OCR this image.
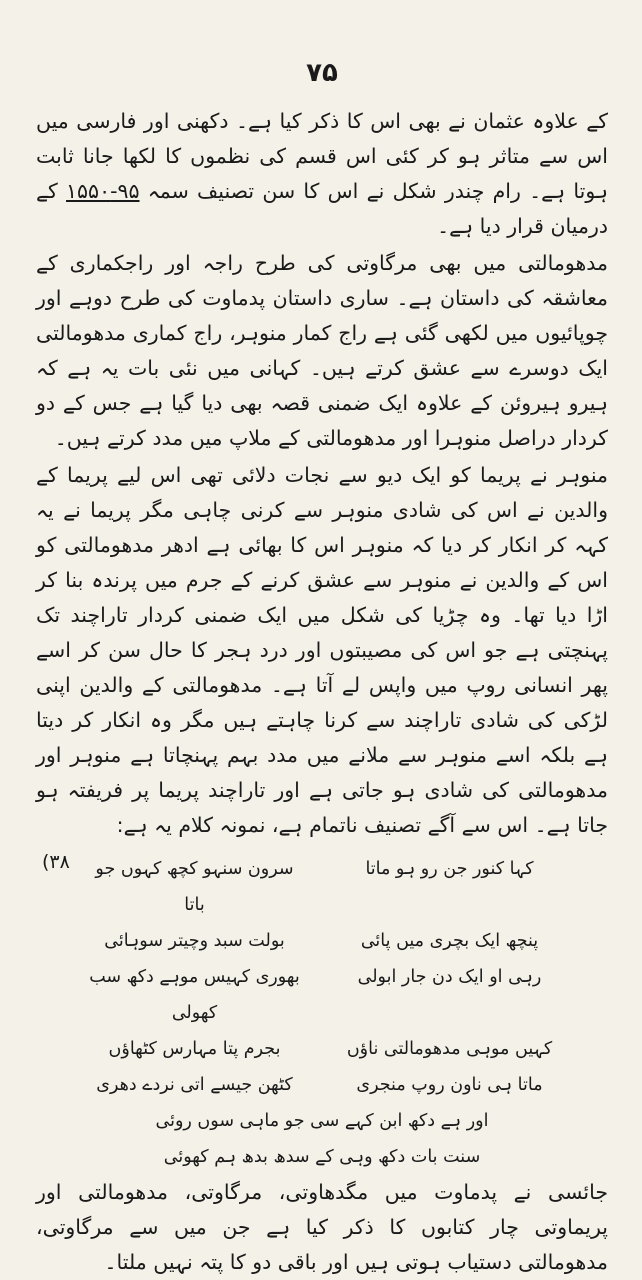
۷۵

کے علاوہ عثمان نے بھی اس کا ذکر کیا ہے۔ دکھنی اور فارسی میں اس سے متاثر ہو کر کئی اس قسم کی نظموں کا لکھا جانا ثابت ہوتا ہے۔ رام چندر شکل نے اس کا سن تصنیف سمہ ۹۵-۱۵۵۰ کے درمیان قرار دیا ہے۔

مدھومالتی میں بھی مرگاوتی کی طرح راجہ اور راجکماری کے معاشقہ کی داستان ہے۔ ساری داستان پدماوت کی طرح دوہے اور چوپائیوں میں لکھی گئی ہے راج کمار منوہر، راج کماری مدھومالتی ایک دوسرے سے عشق کرتے ہیں۔ کہانی میں نئی بات یہ ہے کہ ہیرو ہیروئن کے علاوہ ایک ضمنی قصہ بھی دیا گیا ہے جس کے دو کردار دراصل منوہرا اور مدھومالتی کے ملاپ میں مدد کرتے ہیں۔

منوہر نے پریما کو ایک دیو سے نجات دلائی تھی اس لیے پریما کے والدین نے اس کی شادی منوہر سے کرنی چاہی مگر پریما نے یہ کہہ کر انکار کر دیا کہ منوہر اس کا بھائی ہے ادھر مدھومالتی کو اس کے والدین نے منوہر سے عشق کرنے کے جرم میں پرندہ بنا کر اڑا دیا تھا۔ وہ چڑیا کی شکل میں ایک ضمنی کردار تاراچند تک پہنچتی ہے جو اس کی مصیبتوں اور درد ہجر کا حال سن کر اسے پھر انسانی روپ میں واپس لے آتا ہے۔ مدھومالتی کے والدین اپنی لڑکی کی شادی تاراچند سے کرنا چاہتے ہیں مگر وہ انکار کر دیتا ہے بلکہ اسے منوہر سے ملانے میں مدد بہم پہنچاتا ہے منوہر اور مدھومالتی کی شادی ہو جاتی ہے اور تاراچند پریما پر فریفتہ ہو جاتا ہے۔ اس سے آگے تصنیف ناتمام ہے، نمونہ کلام یہ ہے:

(۳۸	کہا کنور جن رو ہو ماتا
سرون سنہو کچھ کہوں جو باتا
پنچھ ایک بچری میں پائی
بولت سبد وچیتر سوہائی
رہی او ایک دن جار ابولی
بھوری کہیس موہے دکھ سب کھولی
کہیں موہی مدھومالتی ناؤں
بجرم پتا مہارس کٹھاؤں
ماتا ہی ناون روپ منجری
کٹھن جیسے اتی نردے دھری
اور ہے دکھ ابن کہے سی جو ماہی سوں روئی
سنت بات دکھ وہی کے سدھ بدھ ہم کھوئی

جائسی نے پدماوت میں مگدھاوتی، مرگاوتی، مدھومالتی اور پریماوتی چار کتابوں کا ذکر کیا ہے جن میں سے مرگاوتی، مدھومالتی دستیاب ہوتی ہیں اور باقی دو کا پتہ نہیں ملتا۔
